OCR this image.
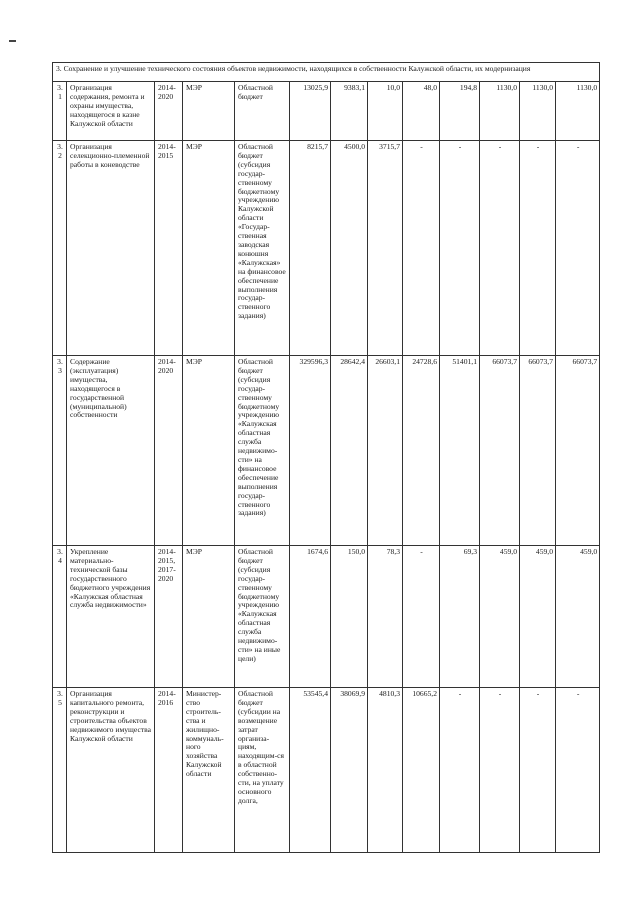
3. Сохранение и улучшение технического состояния объектов недвижимости, находящихся в собственности Калужской области, их модернизация												
3.1	Организация содержания, ремонта и охраны имущества, находящегося в казне Калужской области	2014-2020	МЭР	Областной бюджет	13025,9	9383,1	10,0	48,0	194,8	1130,0	1130,0	1130,0
3.2	Организация селекционно-племенной работы в коневодстве	2014-2015	МЭР	Областной бюджет (субсидия государ-ственному бюджетному учреждению Калужской области «Государ-ственная заводская конюшня «Калужская» на финансовое обеспечение выполнения государ-ственного задания)	8215,7	4500,0	3715,7	-	-	-	-	-
3.3	Содержание (эксплуатация) имущества, находящегося в государственной (муниципальной) собственности	2014-2020	МЭР	Областной бюджет (субсидия государ-ственному бюджетному учреждению «Калужская областная служба недвижимо-сти» на финансовое обеспечение выполнения государ-ственного задания)	329596,3	28642,4	26603,1	24728,6	51401,1	66073,7	66073,7	66073,7
3.4	Укрепление материально-технической базы государственного бюджетного учреждения «Калужская областная служба недвижимости»	2014-2015, 2017-2020	МЭР	Областной бюджет (субсидия государ-ственному бюджетному учреждению «Калужская областная служба недвижимо-сти» на иные цели)	1674,6	150,0	78,3	-	69,3	459,0	459,0	459,0
3.5	Организация капитального ремонта, реконструкции и строительства объектов недвижимого имущества Калужской области	2014-2016	Министер-ство строитель-ства и жилищно-коммуналь-ного хозяйства Калужской области	Областной бюджет (субсидии на возмещение затрат организа-циям, находящим-ся в областной собственно-сти, на уплату основного долга,	53545,4	38069,9	4810,3	10665,2	-	-	-	-
